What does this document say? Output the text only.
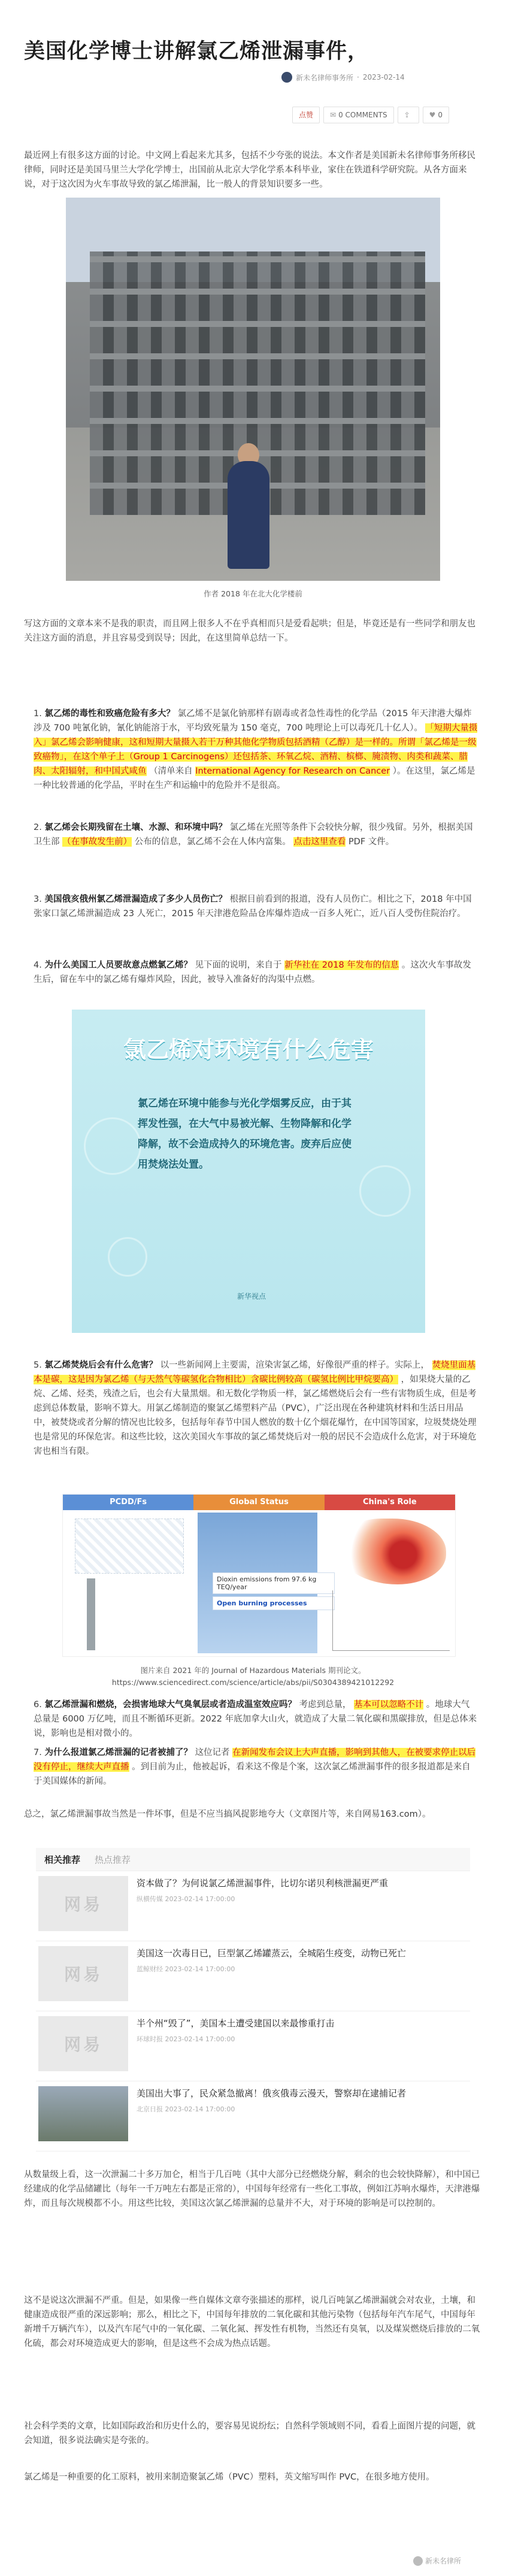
美国化学博士讲解氯乙烯泄漏事件，
新未名律师事务所 · 2023-02-14
点赞 ✉ 0 COMMENTS ⇪	♥ 0
最近网上有很多这方面的讨论。中文网上看起来尤其多，包括不少夸张的说法。本文作者是美国新未名律师事务所移民律师，同时还是美国马里兰大学化学博士，出国前从北京大学化学系本科毕业，家住在铁道科学研究院。从各方面来说，对于这次因为火车事故导致的氯乙烯泄漏，比一般人的背景知识要多一些。
作者 2018 年在北大化学楼前
写这方面的文章本来不是我的职责，而且网上很多人不在乎真相而只是爱看起哄；但是，毕竟还是有一些同学和朋友也关注这方面的消息，并且容易受到误导；因此，在这里简单总结一下。
1. 氯乙烯的毒性和致癌危险有多大？ 氯乙烯不是氯化钠那样有剧毒或者急性毒性的化学品（2015 年天津港大爆炸涉及 700 吨氰化钠，氰化钠能溶于水，平均致死量为 150 毫克，700 吨理论上可以毒死几十亿人）。 「短期大量摄入」氯乙烯会影响健康，这和短期大量摄入若干万种其他化学物质包括酒精（乙醇）是一样的。所谓「氯乙烯是一级致癌物」，在这个单子上（Group 1 Carcinogens）还包括茶、环氧乙烷、酒精、槟榔、腌渍物、肉类和蔬菜、腊肉、太阳辐射，和中国式咸鱼 （清单来自 International Agency for Research on Cancer ）。在这里，氯乙烯是一种比较普通的化学品，平时在生产和运输中的危险并不是很高。
2. 氯乙烯会长期残留在土壤、水源、和环境中吗？ 氯乙烯在光照等条件下会较快分解，很少残留。另外，根据美国卫生部 （在事故发生前） 公布的信息，氯乙烯不会在人体内富集。 点击这里查看 PDF 文件。
3. 美国俄亥俄州氯乙烯泄漏造成了多少人员伤亡？ 根据目前看到的报道，没有人员伤亡。相比之下，2018 年中国张家口氯乙烯泄漏造成 23 人死亡，2015 年天津港危险品仓库爆炸造成一百多人死亡，近八百人受伤住院治疗。
4. 为什么美国工人员要故意点燃氯乙烯？ 见下面的说明，来自于 新华社在 2018 年发布的信息 。这次火车事故发生后，留在车中的氯乙烯有爆炸风险，因此，被导入准备好的沟渠中点燃。
氯乙烯对环境有什么危害
氯乙烯在环境中能参与光化学烟雾反应，由于其挥发性强，在大气中易被光解、生物降解和化学降解，故不会造成持久的环境危害。废弃后应使用焚烧法处置。
新华视点
5. 氯乙烯焚烧后会有什么危害？ 以一些新闻网上主要需，渲染害氯乙烯，好像很严重的样子。实际上， 焚烧里面基本是碳，这是因为氯乙烯（与天然气等碳氢化合物相比）含碳比例较高（碳氢比例比甲烷要高） ，如果烧大量的乙烷、乙烯、烃类，残渣之后，也会有大量黑烟。和无数化学物质一样，氯乙烯燃烧后会有一些有害物质生成，但是考虑到总体数量，影响不算大。用氯乙烯制造的聚氯乙烯塑料产品（PVC），广泛出现在各种建筑材料和生活日用品中，被焚烧或者分解的情况也比较多，包括每年春节中国人燃放的数十亿个烟花爆竹，在中国等国家，垃圾焚烧处理也是常见的环保危害。和这些比较，这次美国火车事故的氯乙烯焚烧后对一般的居民不会造成什么危害，对于环境危害也相当有限。
PCDD/Fs	Global Status	China's Role
Dioxin emissions from 97.6 kg TEQ/year
Open burning processes
图片来自 2021 年的 Journal of Hazardous Materials 期刊论文。https://www.sciencedirect.com/science/article/abs/pii/S0304389421012292
6. 氯乙烯泄漏和燃烧，会损害地球大气臭氧层或者造成温室效应吗？ 考虑到总量， 基本可以忽略不计 。地球大气总量是 6000 万亿吨，而且不断循环更新。2022 年底加拿大山火，就造成了大量二氧化碳和黑碳排放，但是总体来说，影响也是相对微小的。
7. 为什么报道氯乙烯泄漏的记者被捕了？ 这位记者 在新闻发布会议上大声直播，影响到其他人，在被要求停止以后没有停止，继续大声直播 。到目前为止，他被起诉，看来这不像是个案，这次氯乙烯泄漏事件的很多报道都是来自于美国媒体的新闻。
总之，氯乙烯泄漏事故当然是一件坏事，但是不应当搞风捉影地夸大（文章图片等，来自网易163.com）。
相关推荐	热点推荐
网易
资本做了？为何说氯乙烯泄漏事件，比切尔诺贝利核泄漏更严重
纵横传媒 2023-02-14 17:00:00
网易
美国这一次毒日已，巨型氯乙烯罐蒸云，全城陷生疫变，动物已死亡
蓝鲸财经 2023-02-14 17:00:00
网易
半个州“毁了”，美国本土遭受建国以来最惨重打击
环球时报 2023-02-14 17:00:00
美国出大事了，民众紧急撤离！俄亥俄毒云漫天，警察却在逮捕记者
北京日报 2023-02-14 17:00:00
从数量级上看，这一次泄漏二十多万加仑，相当于几百吨（其中大部分已经燃烧分解，剩余的也会较快降解），和中国已经建成的化学品储罐比（每年一千万吨左右都是正常的），中国每年经常有一些化工事故，例如江苏响水爆炸，天津港爆炸，而且每次规模都不小。用这些比较，美国这次氯乙烯泄漏的总量并不大，对于环境的影响是可以控制的。
这不是说这次泄漏不严重。但是，如果像一些自媒体文章夸张描述的那样，说几百吨氯乙烯泄漏就会对农业，土壤，和健康造成很严重的深远影响；那么，相比之下，中国每年排放的二氧化碳和其他污染物（包括每年汽车尾气，中国每年新增千万辆汽车），以及汽车尾气中的一氧化碳、二氧化氮、挥发性有机物，当然还有臭氧，以及煤炭燃烧后排放的二氧化硫，都会对环境造成更大的影响，但是这些不会成为热点话题。
社会科学类的文章，比如国际政治和历史什么的，要容易见说纷纭；自然科学领域则不同，看看上面图片提的问题，就会知道，很多说法确实是夸张的。
氯乙烯是一种重要的化工原料，被用来制造聚氯乙烯（PVC）塑料，英文缩写叫作 PVC，在很多地方使用。
新未名律所
